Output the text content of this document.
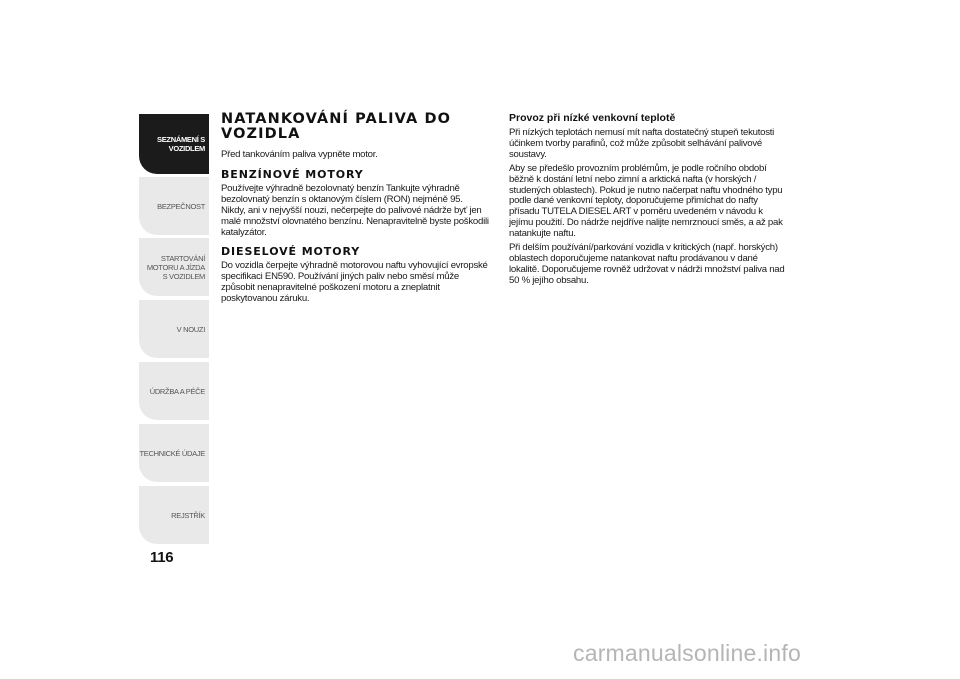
SEZNÁMENÍ S VOZIDLEM
BEZPEČNOST
STARTOVÁNÍ MOTORU A JÍZDA S VOZIDLEM
V NOUZI
ÚDRŽBA A PÉČE
TECHNICKÉ ÚDAJE
REJSTŘÍK
116
NATANKOVÁNÍ PALIVA DO VOZIDLA

Před tankováním paliva vypněte motor.

BENZÍNOVÉ MOTORY

Používejte výhradně bezolovnatý benzín Tankujte výhradně bezolovnatý benzín s oktanovým číslem (RON) nejméně 95. Nikdy, ani v nejvyšší nouzi, nečerpejte do palivové nádrže byť jen malé množství olovnatého benzínu. Nenapravitelně byste poškodili katalyzátor.

DIESELOVÉ MOTORY

Do vozidla čerpejte výhradně motorovou naftu vyhovující evropské specifikaci EN590. Používání jiných paliv nebo směsí může způsobit nenapravitelné poškození motoru a zneplatnit poskytovanou záruku.

Provoz při nízké venkovní teplotě

Při nízkých teplotách nemusí mít nafta dostatečný stupeň tekutosti účinkem tvorby parafinů, což může způsobit selhávání palivové soustavy.

Aby se předešlo provozním problémům, je podle ročního období běžně k dostání letní nebo zimní a arktická nafta (v horských / studených oblastech). Pokud je nutno načerpat naftu vhodného typu podle dané venkovní teploty, doporučujeme přimíchat do nafty přísadu TUTELA DIESEL ART v poměru uvedeném v návodu k jejímu použití. Do nádrže nejdříve nalijte nemrznoucí směs, a až pak natankujte naftu.

Při delším používání/parkování vozidla v kritických (např. horských) oblastech doporučujeme natankovat naftu prodávanou v dané lokalitě. Doporučujeme rovněž udržovat v nádrži množství paliva nad 50 % jejího obsahu.

carmanualsonline.info
